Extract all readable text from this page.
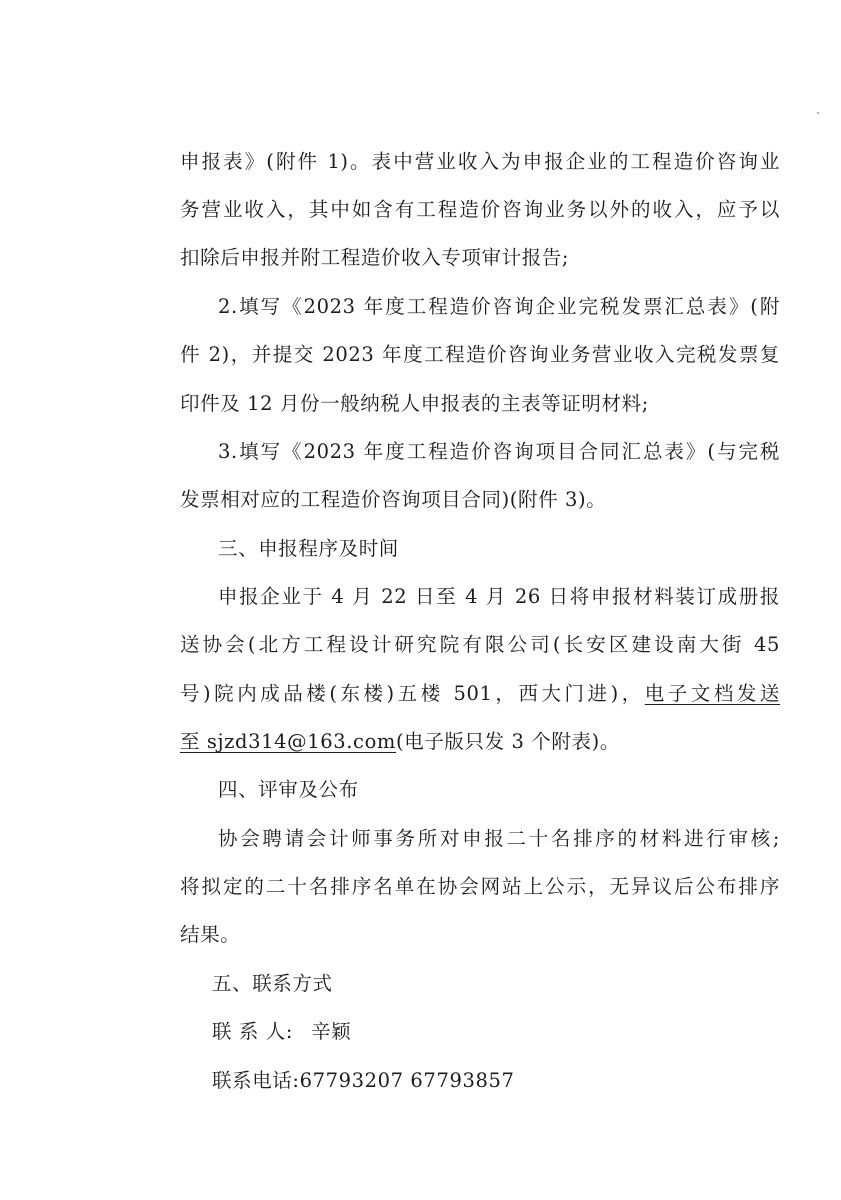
申报表》(附件 1)。表中营业收入为申报企业的工程造价咨询业
务营业收入，其中如含有工程造价咨询业务以外的收入，应予以
扣除后申报并附工程造价收入专项审计报告;
2.填写《2023 年度工程造价咨询企业完税发票汇总表》(附
件 2)，并提交 2023 年度工程造价咨询业务营业收入完税发票复
印件及 12 月份一般纳税人申报表的主表等证明材料;
3.填写《2023 年度工程造价咨询项目合同汇总表》(与完税
发票相对应的工程造价咨询项目合同)(附件 3)。
三、申报程序及时间
申报企业于 4 月 22 日至 4 月 26 日将申报材料装订成册报
送协会(北方工程设计研究院有限公司(长安区建设南大街 45
号)院内成品楼(东楼)五楼 501，西大门进)，电子文档发送
至 sjzd314@163.com(电子版只发 3 个附表)。
四、评审及公布
协会聘请会计师事务所对申报二十名排序的材料进行审核;
将拟定的二十名排序名单在协会网站上公示，无异议后公布排序
结果。
五、联系方式
联 系 人: 辛颖
联系电话:67793207 67793857
